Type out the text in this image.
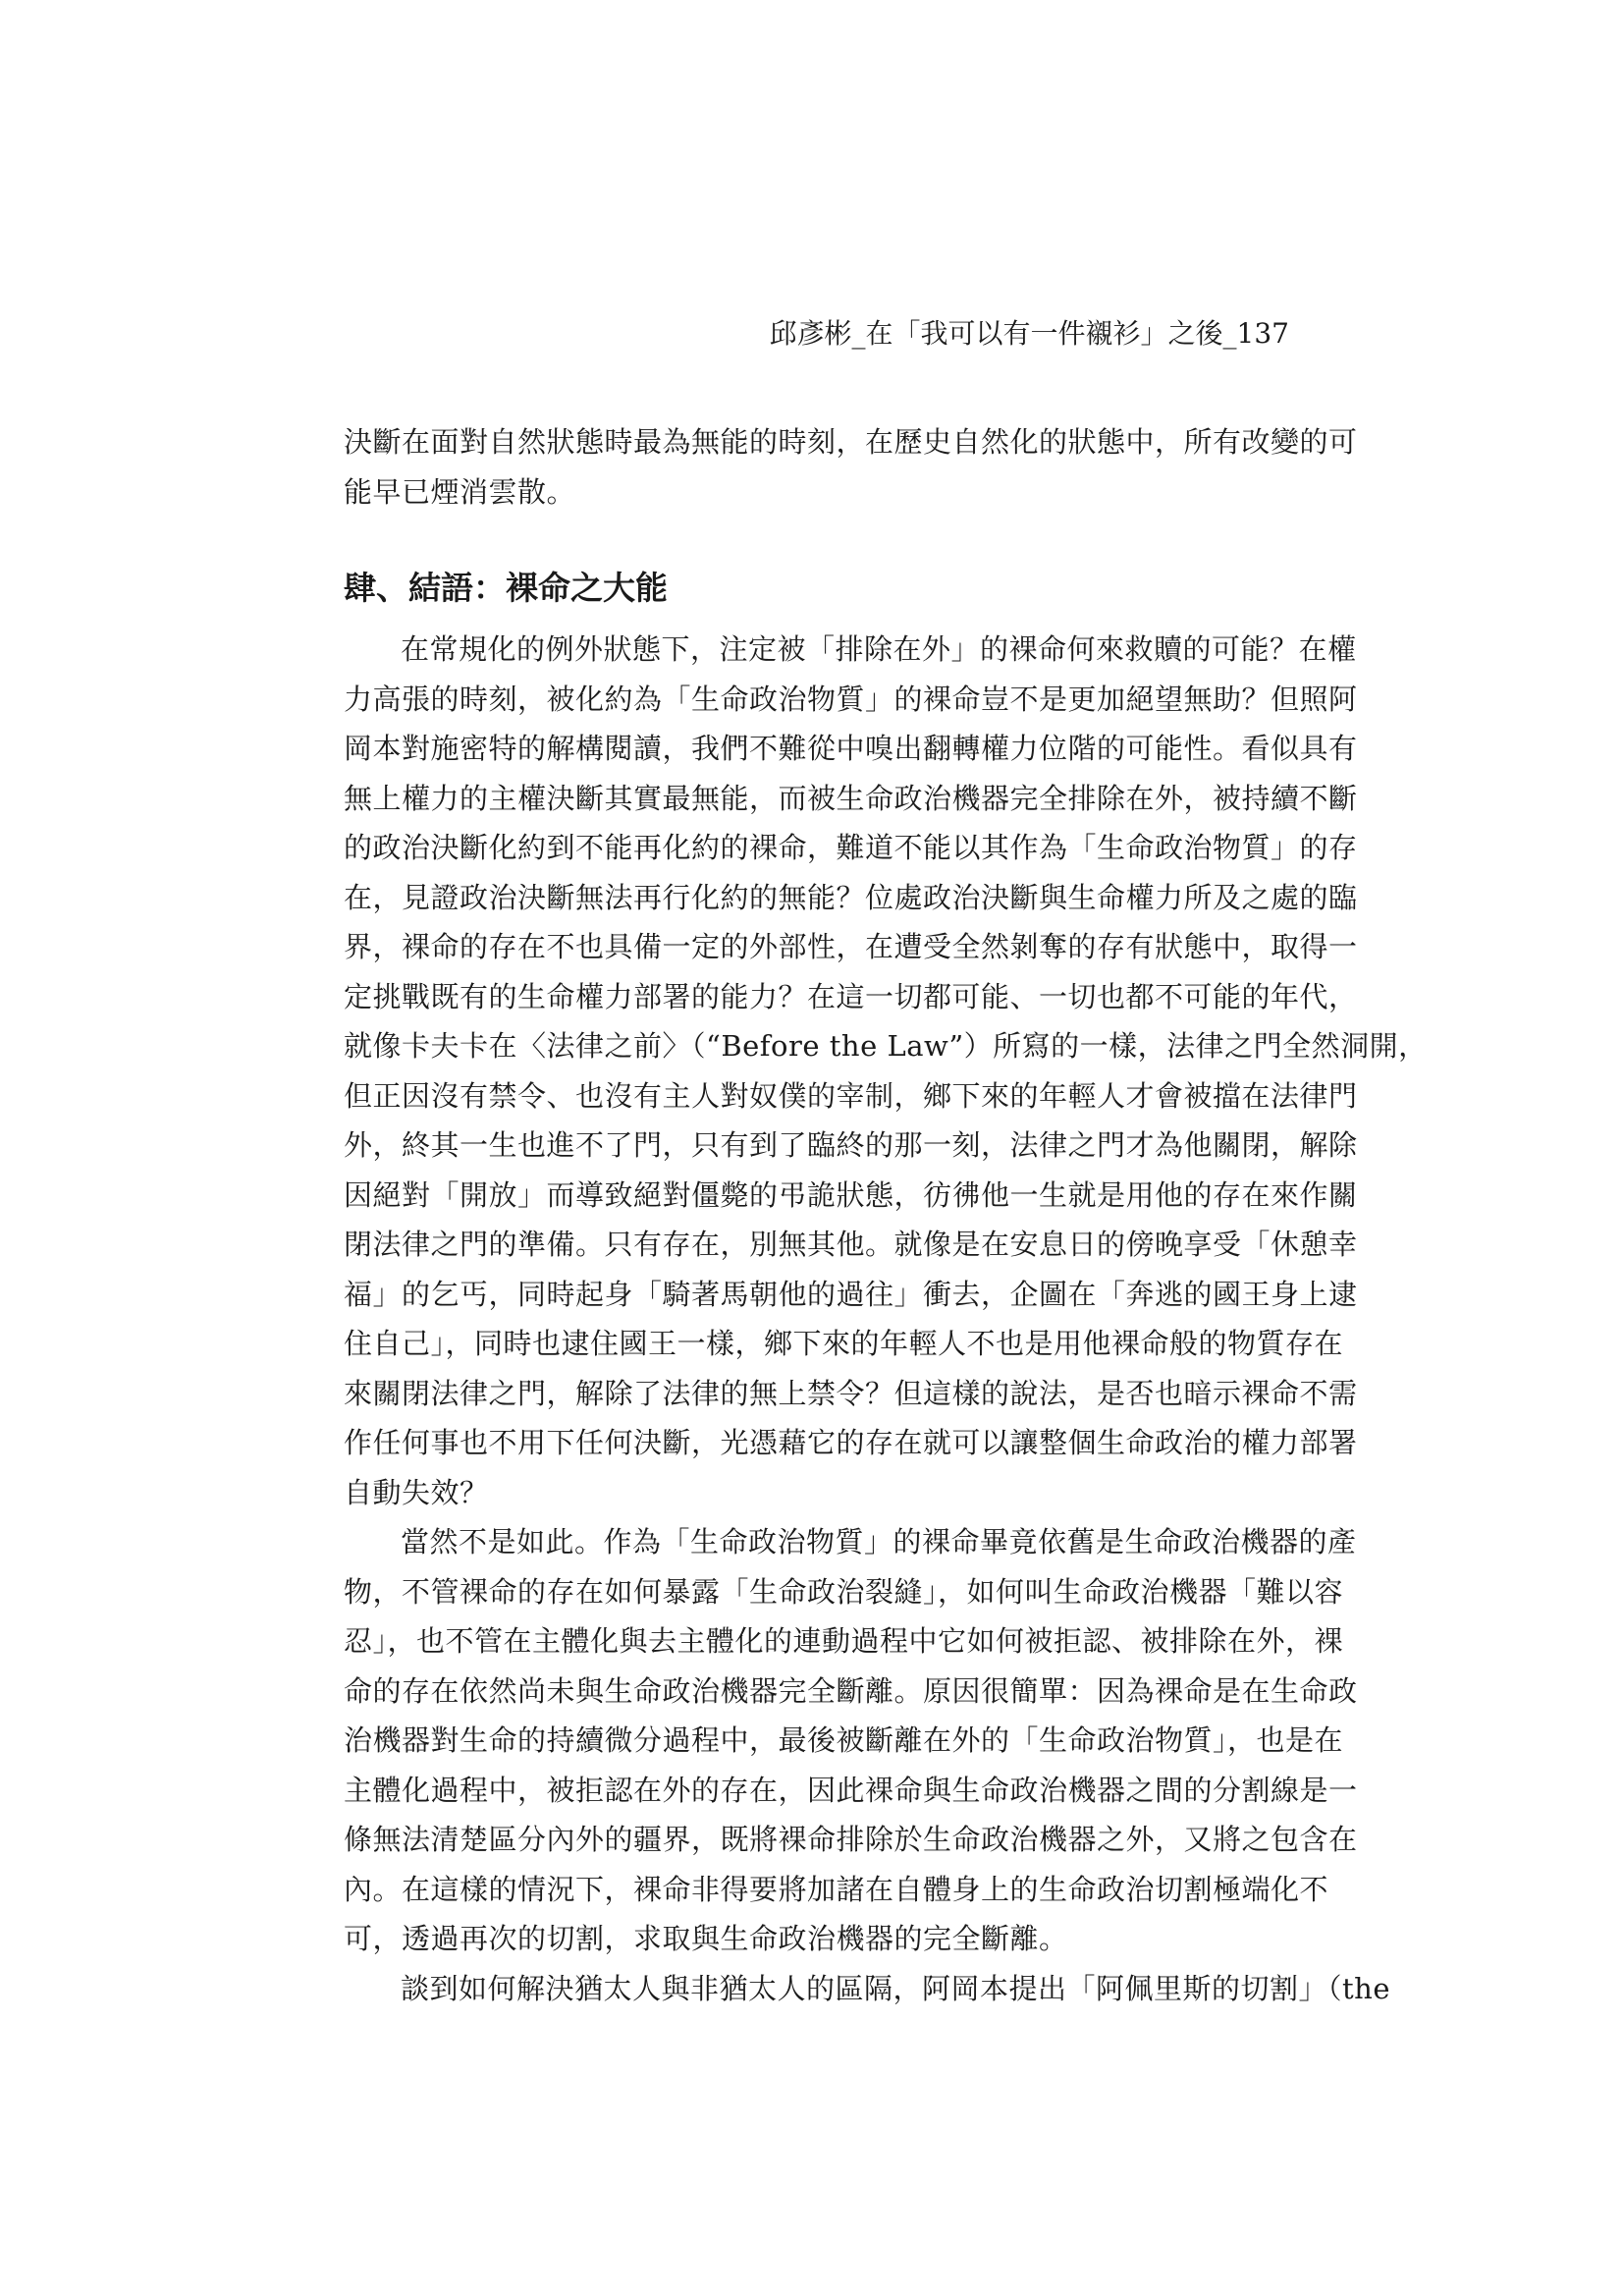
邱彥彬_在「我可以有一件襯衫」之後_137
決斷在面對自然狀態時最為無能的時刻，在歷史自然化的狀態中，所有改變的可
能早已煙消雲散。
肆、結語：裸命之大能
在常規化的例外狀態下，注定被「排除在外」的裸命何來救贖的可能？在權
力高張的時刻，被化約為「生命政治物質」的裸命豈不是更加絕望無助？但照阿
岡本對施密特的解構閱讀，我們不難從中嗅出翻轉權力位階的可能性。看似具有
無上權力的主權決斷其實最無能，而被生命政治機器完全排除在外，被持續不斷
的政治決斷化約到不能再化約的裸命，難道不能以其作為「生命政治物質」的存
在，見證政治決斷無法再行化約的無能？位處政治決斷與生命權力所及之處的臨
界，裸命的存在不也具備一定的外部性，在遭受全然剝奪的存有狀態中，取得一
定挑戰既有的生命權力部署的能力？在這一切都可能、一切也都不可能的年代，
就像卡夫卡在〈法律之前〉（“Before the Law”）所寫的一樣，法律之門全然洞開，
但正因沒有禁令、也沒有主人對奴僕的宰制，鄉下來的年輕人才會被擋在法律門
外，終其一生也進不了門，只有到了臨終的那一刻，法律之門才為他關閉，解除
因絕對「開放」而導致絕對僵斃的弔詭狀態，彷彿他一生就是用他的存在來作關
閉法律之門的準備。只有存在，別無其他。就像是在安息日的傍晚享受「休憩幸
福」的乞丐，同時起身「騎著馬朝他的過往」衝去，企圖在「奔逃的國王身上逮
住自己」，同時也逮住國王一樣，鄉下來的年輕人不也是用他裸命般的物質存在
來關閉法律之門，解除了法律的無上禁令？但這樣的說法，是否也暗示裸命不需
作任何事也不用下任何決斷，光憑藉它的存在就可以讓整個生命政治的權力部署
自動失效？
當然不是如此。作為「生命政治物質」的裸命畢竟依舊是生命政治機器的產
物，不管裸命的存在如何暴露「生命政治裂縫」，如何叫生命政治機器「難以容
忍」，也不管在主體化與去主體化的連動過程中它如何被拒認、被排除在外，裸
命的存在依然尚未與生命政治機器完全斷離。原因很簡單：因為裸命是在生命政
治機器對生命的持續微分過程中，最後被斷離在外的「生命政治物質」，也是在
主體化過程中，被拒認在外的存在，因此裸命與生命政治機器之間的分割線是一
條無法清楚區分內外的疆界，既將裸命排除於生命政治機器之外，又將之包含在
內。在這樣的情況下，裸命非得要將加諸在自體身上的生命政治切割極端化不
可，透過再次的切割，求取與生命政治機器的完全斷離。
談到如何解決猶太人與非猶太人的區隔，阿岡本提出「阿佩里斯的切割」（the
